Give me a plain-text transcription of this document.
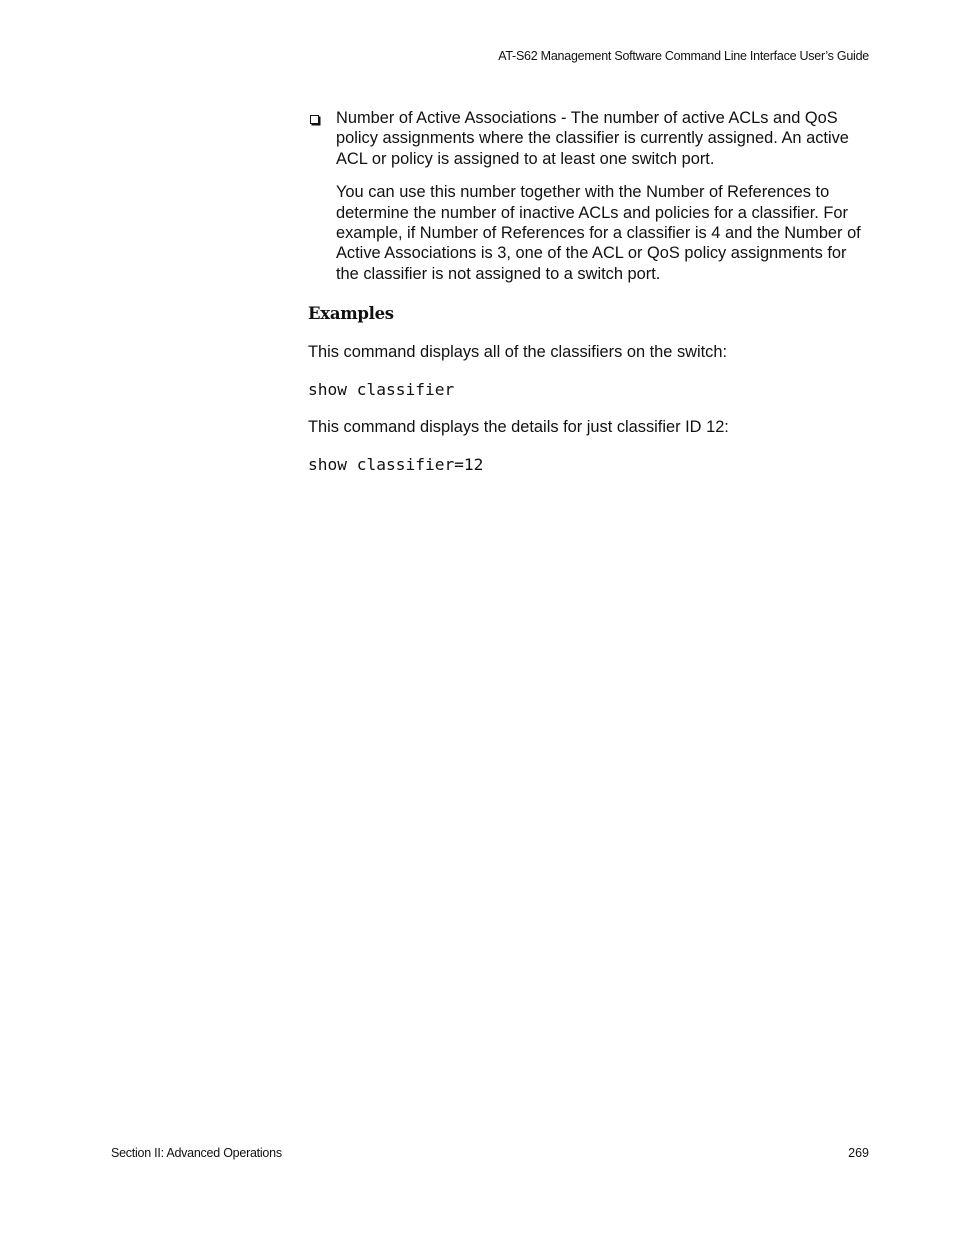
AT-S62 Management Software Command Line Interface User’s Guide

Number of Active Associations - The number of active ACLs and QoS policy assignments where the classifier is currently assigned. An active ACL or policy is assigned to at least one switch port.

You can use this number together with the Number of References to determine the number of inactive ACLs and policies for a classifier. For example, if Number of References for a classifier is 4 and the Number of Active Associations is 3, one of the ACL or QoS policy assignments for the classifier is not assigned to a switch port.

Examples

This command displays all of the classifiers on the switch:

show classifier

This command displays the details for just classifier ID 12:

show classifier=12

Section II: Advanced Operations	269
